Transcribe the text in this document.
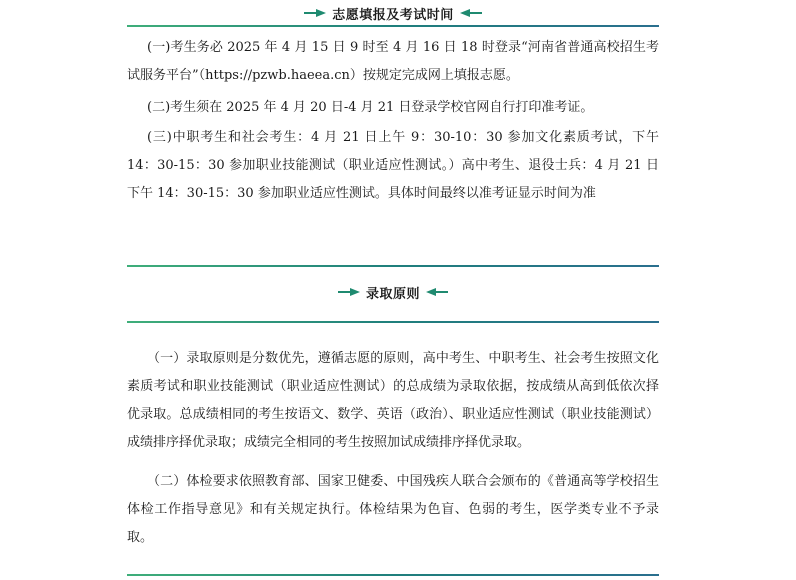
志愿填报及考试时间

(一)考生务必 2025 年 4 月 15 日 9 时至 4 月 16 日 18 时登录“河南省普通高校招生考试服务平台”（https://pzwb.haeea.cn）按规定完成网上填报志愿。

(二)考生须在 2025 年 4 月 20 日-4 月 21 日登录学校官网自行打印准考证。

(三)中职考生和社会考生：4 月 21 日上午 9：30-10：30 参加文化素质考试，下午 14：30-15：30 参加职业技能测试（职业适应性测试。）高中考生、退役士兵：4 月 21 日下午 14：30-15：30 参加职业适应性测试。具体时间最终以准考证显示时间为准

录取原则

（一）录取原则是分数优先，遵循志愿的原则，高中考生、中职考生、社会考生按照文化素质考试和职业技能测试（职业适应性测试）的总成绩为录取依据，按成绩从高到低依次择优录取。总成绩相同的考生按语文、数学、英语（政治）、职业适应性测试（职业技能测试）成绩排序择优录取；成绩完全相同的考生按照加试成绩排序择优录取。

（二）体检要求依照教育部、国家卫健委、中国残疾人联合会颁布的《普通高等学校招生体检工作指导意见》和有关规定执行。体检结果为色盲、色弱的考生，医学类专业不予录取。
